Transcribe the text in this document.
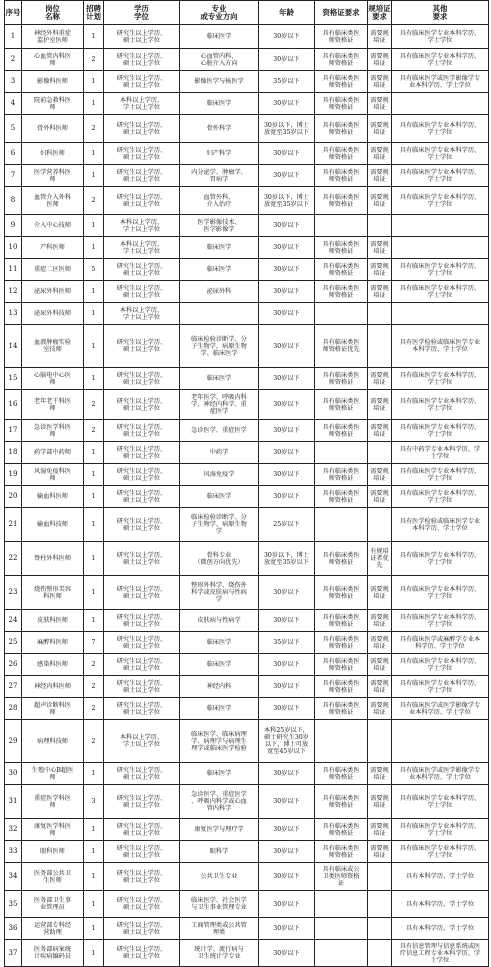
序号	岗位
名称	招聘
计划	学历
学位	专业
或专业方向	年龄	资格证要求	规培证
要求	其他
要求
1	神经外科重症
监护室医师	1	研究生以上学历、
硕士以上学位	临床医学	30岁以下	具有临床类医
师资格证	需要规
培证	具有临床医学专业本科学历、
学士学位
2	心血管内科医
师	2	研究生以上学历、
硕士以上学位	心血管内科、
心脏介入方向	30岁以下	具有临床类医
师资格证	需要规
培证	具有临床医学专业本科学历、
学士学位
3	影像科医师	1	研究生以上学历、
硕士以上学位	影像医学与核医学	35岁以下	具有临床类医
师资格证	需要规
培证	具有临床医学或医学影像学专
业本科学历、学士学位
4	院前急救科医
师	1	本科以上学历、
学士以上学位	临床医学	30岁以下	具有临床类医
师资格证	需要规
培证	
5	骨外科医师	2	研究生以上学历、
硕士以上学位	骨外科学	30岁以下，博士
放宽至35岁以下	具有临床类医
师资格证	需要规
培证	具有临床医学专业本科学历、
学士学位
6	妇科医师	1	研究生以上学历、
硕士以上学位	妇产科学	30岁以下	具有临床类医
师资格证	需要规
培证	具有临床医学专业本科学历、
学士学位
7	医学营养科医
师	1	研究生以上学历、
硕士以上学位	内分泌学、肿瘤学、
胃病学	30岁以下	具有临床类医
师资格证	需要规
培证	具有临床医学专业本科学历、
学士学位
8	血管介入外科
医师	2	研究生以上学历、
硕士以上学位	血管外科、
介入治疗	30岁以下，博士
放宽至35岁以下	具有临床类医
师资格证	需要规
培证	具有临床医学专业本科学历、
学士学位
9	介入中心技师	1	本科以上学历、
学士以上学位	医学影像技术、
医学影像学	30岁以下			
10	产科医师	1	本科以上学历、
学士以上学位	临床医学	30岁以下	具有临床类医
师资格证	需要规
培证	
11	重症二区医师	5	研究生以上学历、
硕士以上学位	临床医学	30岁以下	具有临床类医
师资格证	需要规
培证	具有临床医学专业本科学历、
学士学位
12	泌尿外科医师	1	研究生以上学历、
硕士以上学位	泌尿外科	30岁以下	具有临床类医
师资格证	需要规
培证	具有临床医学专业本科学历、
学士学位
13	泌尿外科技师	1	本科以上学历、
学士以上学位		30岁以下			
14	血液肿瘤实验
室技师	1	研究生以上学历、
硕士以上学位	临床检验诊断学、分
子生物学、病原生物
学、临床医学	30岁以下	具有临床类医
师资格证优先		具有医学检验或临床医学专业
本科学历、学士学位
15	心脑电中心医
师	1	研究生以上学历、
硕士以上学位	临床医学	30岁以下	具有临床类医
师资格证	需要规
培证	具有临床医学专业本科学历、
学士学位
16	老年老干科医
师	2	研究生以上学历、
硕士以上学位	老年医学、呼吸内科
学、神经内科学、重
症医学	30岁以下	具有临床类医
师资格证	需要规
培证	具有临床医学专业本科学历、
学士学位
17	急诊医学科医
师	2	研究生以上学历、
硕士以上学位	急诊医学、重症医学	30岁以下	具有临床类医
师资格证	需要规
培证	具有临床医学专业本科学历、
学士学位
18	药学部中药师	1	研究生以上学历、
硕士以上学位	中药学	30岁以下			具有中药学专业本科学历、学
士学位
19	风湿免疫科医
师	1	研究生以上学历、
硕士以上学位	风湿免疫学	30岁以下	具有临床类医
师资格证	需要规
培证	具有临床医学专业本科学历、
学士学位
20	输血科医师	1	研究生以上学历、
硕士以上学位	临床医学	30岁以下	具有临床类医
师资格证	需要规
培证	具有临床医学专业本科学历、
学士学位
21	输血科技师	1	研究生以上学历、
硕士以上学位	临床检验诊断学、分
子生物学、病原生物
学	25岁以下			具有医学检验或临床医学专业
本科学历、学士学位
22	脊柱外科医师	1	研究生以上学历、
硕士以上学位	骨科专业
（微创方向优先）	30岁以下，博士
放宽至35岁以下	具有临床类医
师资格证	有规培
证者优
先	具有临床医学专业本科学历、
学士学位
23	烧伤整形美容
科医师	1	研究生以上学历、
硕士以上学位	整形外科学、烧伤外
科学或皮肤病与性病
学	30岁以下	具有临床类医
师资格证	需要规
培证	具有临床医学专业本科学历、
学士学位
24	皮肤科医师	1	研究生以上学历、
硕士以上学位	皮肤病与性病学	30岁以下	具有临床类医
师资格证	需要规
培证	具有临床医学专业本科学历、
学士学位
25	麻醉科医师	7	研究生以上学历、
硕士以上学位	临床医学	35岁以下	具有临床类医
师资格证	需要规
培证	具有临床医学或麻醉学专业本
科学历、学士学位
26	感染科医师	2	研究生以上学历、
硕士以上学位	临床医学	30岁以下	具有临床类医
师资格证	需要规
培证	具有临床医学专业本科学历、
学士学位
27	神经内科医师	2	研究生以上学历、
硕士以上学位	神经内科	30岁以下	具有临床类医
师资格证	需要规
培证	具有临床医学专业本科学历、
学士学位
28	超声诊断科医
师	2	研究生以上学历、
硕士以上学位	临床医学	30岁以下	具有临床类医
师资格证	需要规
培证	具有临床医学或医学影像学专
业本科学历、学士学位
29	病理科技师	2	本科以上学历、
学士以上学位	临床医学、临床病理
学、病理学与病理生
理学或临床医学检验	本科25岁以下，
硕士研究生30岁
以下，博士可放
宽至45岁以下			
30	生殖中心B超医
师	1	研究生以上学历、
硕士以上学位	临床医学	30岁以下	具有临床类医
师资格证	需要规
培证	具有临床医学或医学影像学专
业本科学历、学士学位
31	重症医学科医
师	3	研究生以上学历、
硕士以上学位	急诊医学、重症医学
、呼吸内科学或心血
管内科学	30岁以下	具有临床类医
师资格证	需要规
培证	具有临床医学专业本科学历、
学士学位
32	康复医学科医
师	1	研究生以上学历、
硕士以上学位	康复医学与理疗学	30岁以下	具有临床类医
师资格证	需要规
培证	具有临床医学专业本科学历、
学士学位
33	眼科医师	1	研究生以上学历、
硕士以上学位	眼科学	30岁以下	具有临床类医
师资格证	需要规
培证	具有临床医学专业本科学历、
学士学位
34	医务部公共卫
生医师	1	研究生以上学历、
硕士以上学位	公共卫生专业	30岁以下	具有临床或公
卫类医师资格
证		具有本科学历、学士学位
35	医务部卫生事
业管理员	1	研究生以上学历、
硕士以上学位	临床医学、社会医学
与卫生事业管理专业	30岁以下			具有本科学历、学士学位
36	运营部专科经
营助理	1	研究生以上学历、
硕士以上学位	工商管理类或公共管
理类	30岁以下			具有本科学历、学士学位
37	医务部病案统
计疾病编码员	1	研究生以上学历、
硕士以上学位	统计学、流行病与
卫生统计学专业	30岁以下			具有信息管理与信息系统或医
疗信息工程专业本科学历、学
士学位
